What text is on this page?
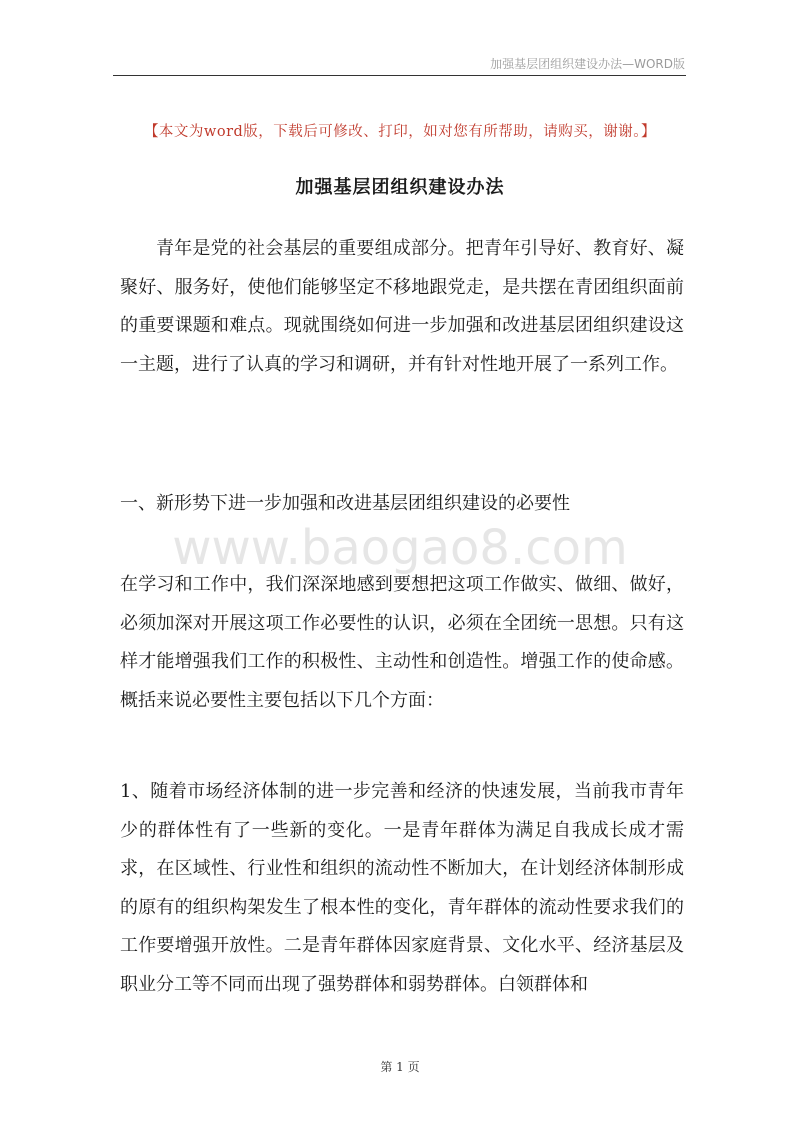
加强基层团组织建设办法—WORD版
【本文为word版，下载后可修改、打印，如对您有所帮助，请购买，谢谢。】
加强基层团组织建设办法

青年是党的社会基层的重要组成部分。把青年引导好、教育好、凝聚好、服务好，使他们能够坚定不移地跟党走，是共摆在青团组织面前的重要课题和难点。现就围绕如何进一步加强和改进基层团组织建设这一主题，进行了认真的学习和调研，并有针对性地开展了一系列工作。

一、新形势下进一步加强和改进基层团组织建设的必要性

www.baogao8.com

在学习和工作中，我们深深地感到要想把这项工作做实、做细、做好，必须加深对开展这项工作必要性的认识，必须在全团统一思想。只有这样才能增强我们工作的积极性、主动性和创造性。增强工作的使命感。概括来说必要性主要包括以下几个方面：

1、随着市场经济体制的进一步完善和经济的快速发展，当前我市青年少的群体性有了一些新的变化。一是青年群体为满足自我成长成才需求，在区域性、行业性和组织的流动性不断加大，在计划经济体制形成的原有的组织构架发生了根本性的变化，青年群体的流动性要求我们的工作要增强开放性。二是青年群体因家庭背景、文化水平、经济基层及职业分工等不同而出现了强势群体和弱势群体。白领群体和

第 1 页
